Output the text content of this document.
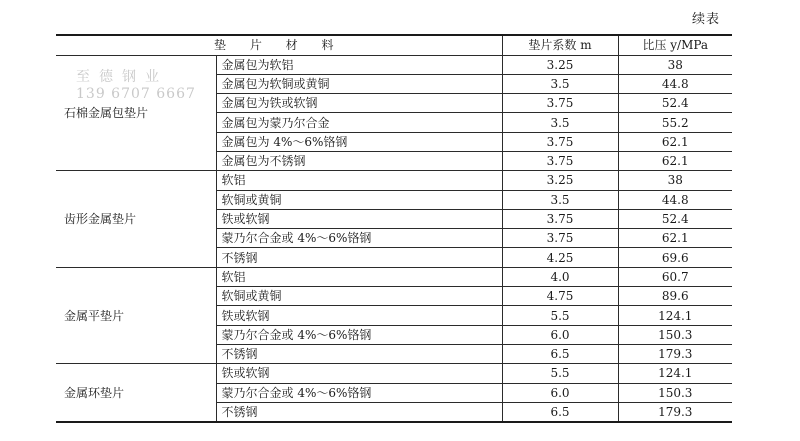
续表
至德钢业
139 6707 6667
垫 片 材 料		垫片系数 m	比压 y/MPa
石棉金属包垫片	金属包为软铝	3.25	38
	金属包为软铜或黄铜	3.5	44.8
	金属包为铁或软钢	3.75	52.4
	金属包为蒙乃尔合金	3.5	55.2
	金属包为 4%～6%铬钢	3.75	62.1
	金属包为不锈钢	3.75	62.1
齿形金属垫片	软铝	3.25	38
	软铜或黄铜	3.5	44.8
	铁或软钢	3.75	52.4
	蒙乃尔合金或 4%～6%铬钢	3.75	62.1
	不锈钢	4.25	69.6
金属平垫片	软铝	4.0	60.7
	软铜或黄铜	4.75	89.6
	铁或软钢	5.5	124.1
	蒙乃尔合金或 4%～6%铬钢	6.0	150.3
	不锈钢	6.5	179.3
金属环垫片	铁或软钢	5.5	124.1
	蒙乃尔合金或 4%～6%铬钢	6.0	150.3
	不锈钢	6.5	179.3
